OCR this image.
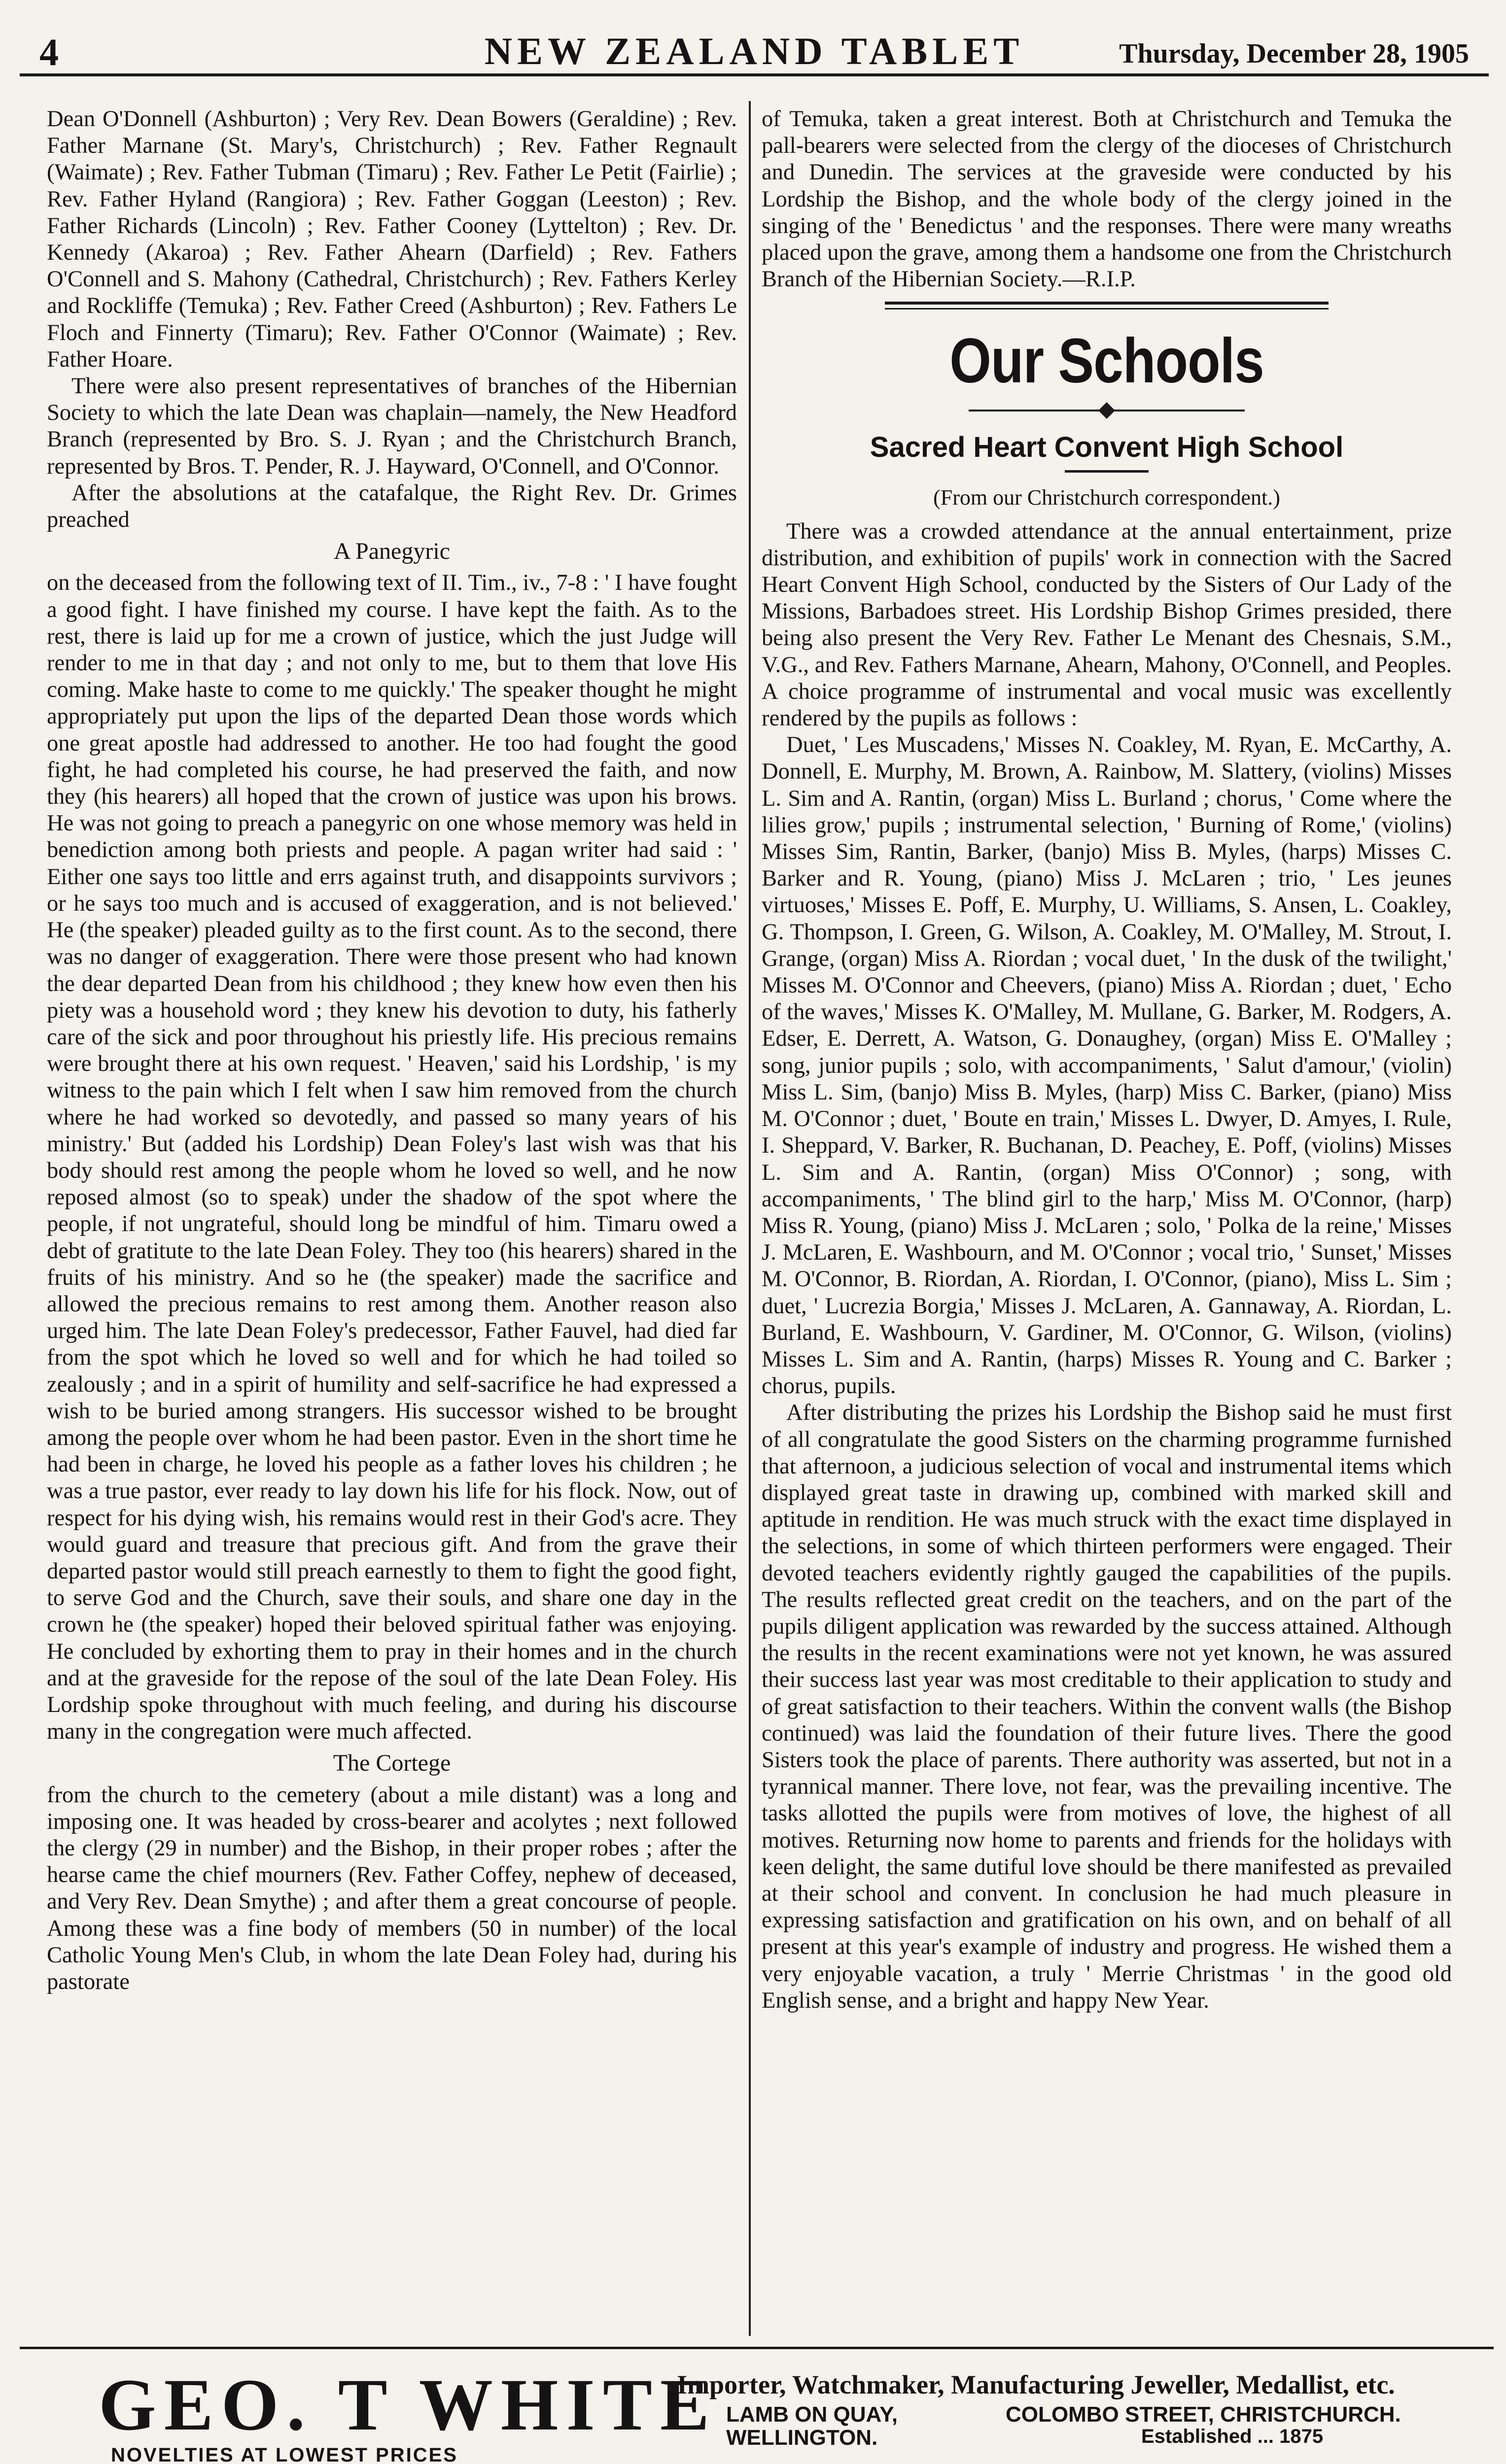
4	NEW ZEALAND TABLET	Thursday, December 28, 1905

Dean O'Donnell (Ashburton) ; Very Rev. Dean Bowers (Geraldine) ; Rev. Father Marnane (St. Mary's, Christchurch) ; Rev. Father Regnault (Waimate) ; Rev. Father Tubman (Timaru) ; Rev. Father Le Petit (Fairlie) ; Rev. Father Hyland (Rangiora) ; Rev. Father Goggan (Leeston) ; Rev. Father Richards (Lincoln) ; Rev. Father Cooney (Lyttelton) ; Rev. Dr. Kennedy (Akaroa) ; Rev. Father Ahearn (Darfield) ; Rev. Fathers O'Connell and S. Mahony (Cathedral, Christchurch) ; Rev. Fathers Kerley and Rockliffe (Temuka) ; Rev. Father Creed (Ashburton) ; Rev. Fathers Le Floch and Finnerty (Timaru); Rev. Father O'Connor (Waimate) ; Rev. Father Hoare.

There were also present representatives of branches of the Hibernian Society to which the late Dean was chaplain—namely, the New Headford Branch (represented by Bro. S. J. Ryan ; and the Christchurch Branch, represented by Bros. T. Pender, R. J. Hayward, O'Connell, and O'Connor.

After the absolutions at the catafalque, the Right Rev. Dr. Grimes preached

A Panegyric

on the deceased from the following text of II. Tim., iv., 7-8 : ' I have fought a good fight. I have finished my course. I have kept the faith. As to the rest, there is laid up for me a crown of justice, which the just Judge will render to me in that day ; and not only to me, but to them that love His coming. Make haste to come to me quickly.' The speaker thought he might appropriately put upon the lips of the departed Dean those words which one great apostle had addressed to another. He too had fought the good fight, he had completed his course, he had preserved the faith, and now they (his hearers) all hoped that the crown of justice was upon his brows. He was not going to preach a panegyric on one whose memory was held in benediction among both priests and people. A pagan writer had said : ' Either one says too little and errs against truth, and disappoints survivors ; or he says too much and is accused of exaggeration, and is not believed.' He (the speaker) pleaded guilty as to the first count. As to the second, there was no danger of exaggeration. There were those present who had known the dear departed Dean from his childhood ; they knew how even then his piety was a household word ; they knew his devotion to duty, his fatherly care of the sick and poor throughout his priestly life. His precious remains were brought there at his own request. ' Heaven,' said his Lordship, ' is my witness to the pain which I felt when I saw him removed from the church where he had worked so devotedly, and passed so many years of his ministry.' But (added his Lordship) Dean Foley's last wish was that his body should rest among the people whom he loved so well, and he now reposed almost (so to speak) under the shadow of the spot where the people, if not ungrateful, should long be mindful of him. Timaru owed a debt of gratitute to the late Dean Foley. They too (his hearers) shared in the fruits of his ministry. And so he (the speaker) made the sacrifice and allowed the precious remains to rest among them. Another reason also urged him. The late Dean Foley's predecessor, Father Fauvel, had died far from the spot which he loved so well and for which he had toiled so zealously ; and in a spirit of humility and self-sacrifice he had expressed a wish to be buried among strangers. His successor wished to be brought among the people over whom he had been pastor. Even in the short time he had been in charge, he loved his people as a father loves his children ; he was a true pastor, ever ready to lay down his life for his flock. Now, out of respect for his dying wish, his remains would rest in their God's acre. They would guard and treasure that precious gift. And from the grave their departed pastor would still preach earnestly to them to fight the good fight, to serve God and the Church, save their souls, and share one day in the crown he (the speaker) hoped their beloved spiritual father was enjoying. He concluded by exhorting them to pray in their homes and in the church and at the graveside for the repose of the soul of the late Dean Foley. His Lordship spoke throughout with much feeling, and during his discourse many in the congregation were much affected.

The Cortege

from the church to the cemetery (about a mile distant) was a long and imposing one. It was headed by cross-bearer and acolytes ; next followed the clergy (29 in number) and the Bishop, in their proper robes ; after the hearse came the chief mourners (Rev. Father Coffey, nephew of deceased, and Very Rev. Dean Smythe) ; and after them a great concourse of people. Among these was a fine body of members (50 in number) of the local Catholic Young Men's Club, in whom the late Dean Foley had, during his pastorate

of Temuka, taken a great interest. Both at Christchurch and Temuka the pall-bearers were selected from the clergy of the dioceses of Christchurch and Dunedin. The services at the graveside were conducted by his Lordship the Bishop, and the whole body of the clergy joined in the singing of the ' Benedictus ' and the responses. There were many wreaths placed upon the grave, among them a handsome one from the Christchurch Branch of the Hibernian Society.—R.I.P.

Our Schools
Sacred Heart Convent High School
(From our Christchurch correspondent.)

There was a crowded attendance at the annual entertainment, prize distribution, and exhibition of pupils' work in connection with the Sacred Heart Convent High School, conducted by the Sisters of Our Lady of the Missions, Barbadoes street. His Lordship Bishop Grimes presided, there being also present the Very Rev. Father Le Menant des Chesnais, S.M., V.G., and Rev. Fathers Marnane, Ahearn, Mahony, O'Connell, and Peoples. A choice programme of instrumental and vocal music was excellently rendered by the pupils as follows :

Duet, ' Les Muscadens,' Misses N. Coakley, M. Ryan, E. McCarthy, A. Donnell, E. Murphy, M. Brown, A. Rainbow, M. Slattery, (violins) Misses L. Sim and A. Rantin, (organ) Miss L. Burland ; chorus, ' Come where the lilies grow,' pupils ; instrumental selection, ' Burning of Rome,' (violins) Misses Sim, Rantin, Barker, (banjo) Miss B. Myles, (harps) Misses C. Barker and R. Young, (piano) Miss J. McLaren ; trio, ' Les jeunes virtuoses,' Misses E. Poff, E. Murphy, U. Williams, S. Ansen, L. Coakley, G. Thompson, I. Green, G. Wilson, A. Coakley, M. O'Malley, M. Strout, I. Grange, (organ) Miss A. Riordan ; vocal duet, ' In the dusk of the twilight,' Misses M. O'Connor and Cheevers, (piano) Miss A. Riordan ; duet, ' Echo of the waves,' Misses K. O'Malley, M. Mullane, G. Barker, M. Rodgers, A. Edser, E. Derrett, A. Watson, G. Donaughey, (organ) Miss E. O'Malley ; song, junior pupils ; solo, with accompaniments, ' Salut d'amour,' (violin) Miss L. Sim, (banjo) Miss B. Myles, (harp) Miss C. Barker, (piano) Miss M. O'Connor ; duet, ' Boute en train,' Misses L. Dwyer, D. Amyes, I. Rule, I. Sheppard, V. Barker, R. Buchanan, D. Peachey, E. Poff, (violins) Misses L. Sim and A. Rantin, (organ) Miss O'Connor) ; song, with accompaniments, ' The blind girl to the harp,' Miss M. O'Connor, (harp) Miss R. Young, (piano) Miss J. McLaren ; solo, ' Polka de la reine,' Misses J. McLaren, E. Washbourn, and M. O'Connor ; vocal trio, ' Sunset,' Misses M. O'Connor, B. Riordan, A. Riordan, I. O'Connor, (piano), Miss L. Sim ; duet, ' Lucrezia Borgia,' Misses J. McLaren, A. Gannaway, A. Riordan, L. Burland, E. Washbourn, V. Gardiner, M. O'Connor, G. Wilson, (violins) Misses L. Sim and A. Rantin, (harps) Misses R. Young and C. Barker ; chorus, pupils.

After distributing the prizes his Lordship the Bishop said he must first of all congratulate the good Sisters on the charming programme furnished that afternoon, a judicious selection of vocal and instrumental items which displayed great taste in drawing up, combined with marked skill and aptitude in rendition. He was much struck with the exact time displayed in the selections, in some of which thirteen performers were engaged. Their devoted teachers evidently rightly gauged the capabilities of the pupils. The results reflected great credit on the teachers, and on the part of the pupils diligent application was rewarded by the success attained. Although the results in the recent examinations were not yet known, he was assured their success last year was most creditable to their application to study and of great satisfaction to their teachers. Within the convent walls (the Bishop continued) was laid the foundation of their future lives. There the good Sisters took the place of parents. There authority was asserted, but not in a tyrannical manner. There love, not fear, was the prevailing incentive. The tasks allotted the pupils were from motives of love, the highest of all motives. Returning now home to parents and friends for the holidays with keen delight, the same dutiful love should be there manifested as prevailed at their school and convent. In conclusion he had much pleasure in expressing satisfaction and gratification on his own, and on behalf of all present at this year's example of industry and progress. He wished them a very enjoyable vacation, a truly ' Merrie Christmas ' in the good old English sense, and a bright and happy New Year.

GEO. T WHITE
NOVELTIES AT LOWEST PRICES
Importer, Watchmaker, Manufacturing Jeweller, Medallist, etc.
LAMB ON QUAY,
WELLINGTON.
COLOMBO STREET, CHRISTCHURCH.
Established ... 1875
